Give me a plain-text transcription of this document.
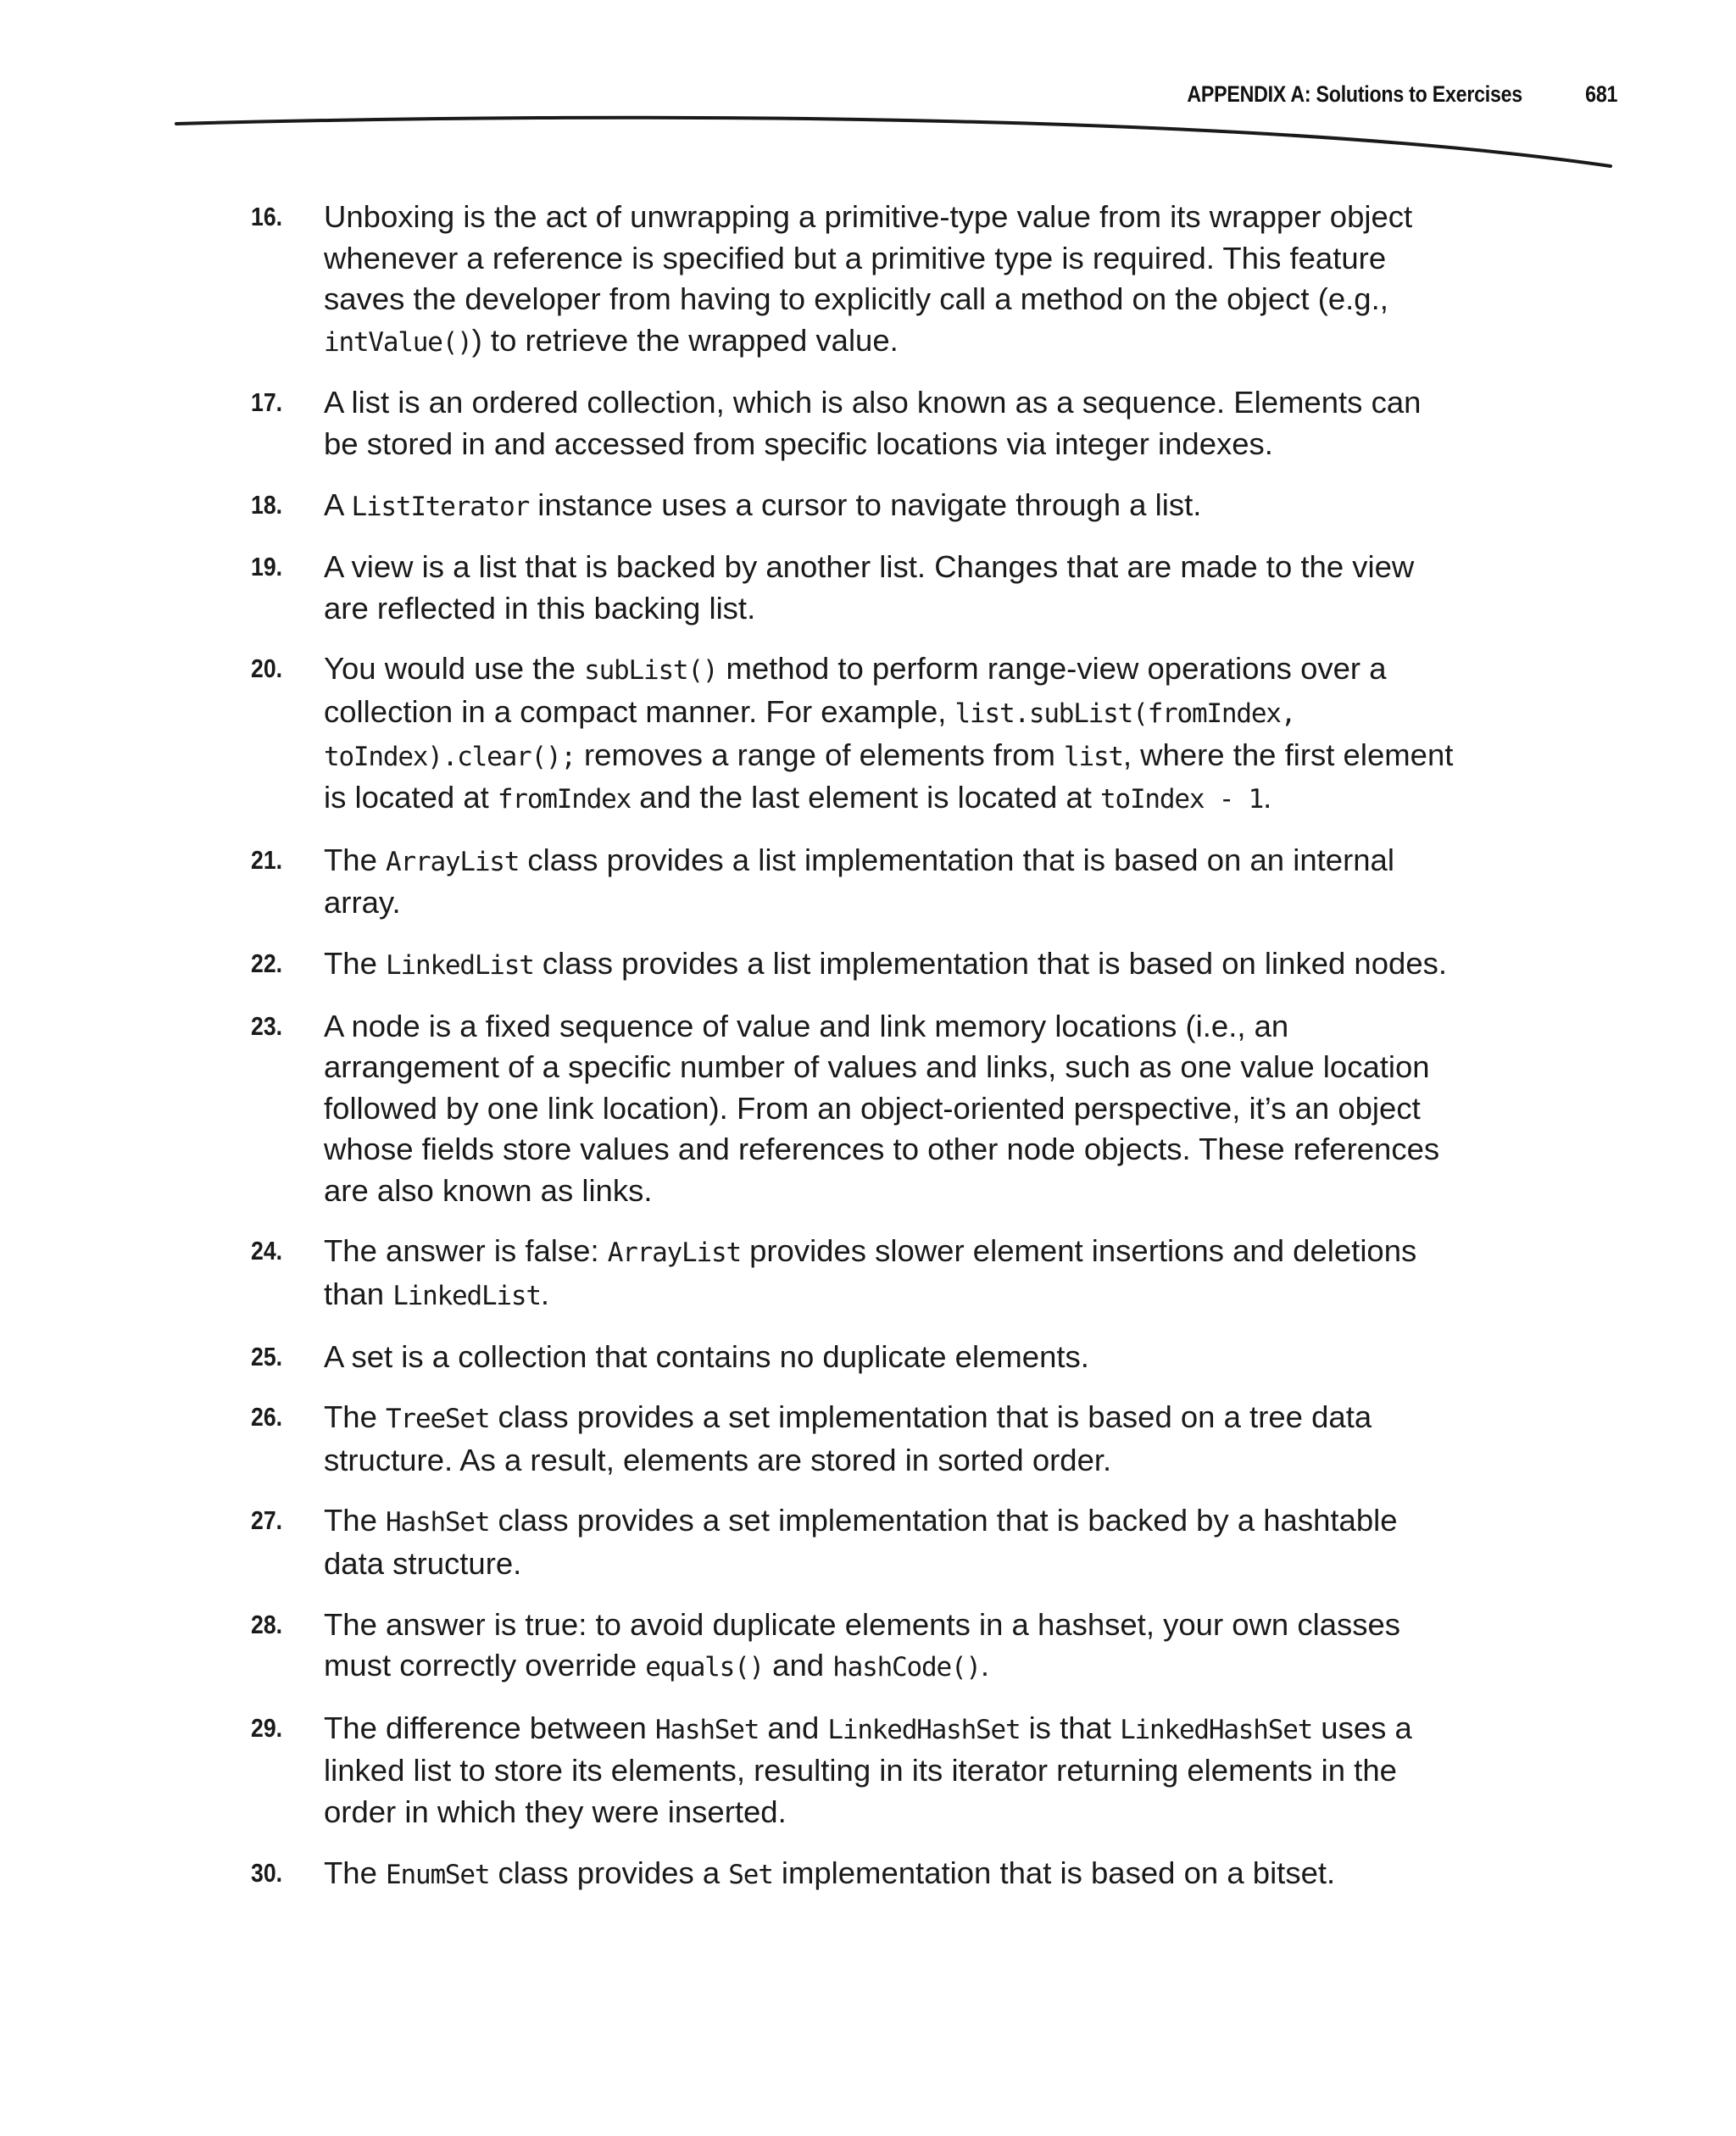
APPENDIX A: Solutions to Exercises	681
16. Unboxing is the act of unwrapping a primitive-type value from its wrapper object whenever a reference is specified but a primitive type is required. This feature saves the developer from having to explicitly call a method on the object (e.g., intValue()) to retrieve the wrapped value.
17. A list is an ordered collection, which is also known as a sequence. Elements can be stored in and accessed from specific locations via integer indexes.
18. A ListIterator instance uses a cursor to navigate through a list.
19. A view is a list that is backed by another list. Changes that are made to the view are reflected in this backing list.
20. You would use the subList() method to perform range-view operations over a collection in a compact manner. For example, list.subList(fromIndex, toIndex).clear(); removes a range of elements from list, where the first element is located at fromIndex and the last element is located at toIndex - 1.
21. The ArrayList class provides a list implementation that is based on an internal array.
22. The LinkedList class provides a list implementation that is based on linked nodes.
23. A node is a fixed sequence of value and link memory locations (i.e., an arrangement of a specific number of values and links, such as one value location followed by one link location). From an object-oriented perspective, it’s an object whose fields store values and references to other node objects. These references are also known as links.
24. The answer is false: ArrayList provides slower element insertions and deletions than LinkedList.
25. A set is a collection that contains no duplicate elements.
26. The TreeSet class provides a set implementation that is based on a tree data structure. As a result, elements are stored in sorted order.
27. The HashSet class provides a set implementation that is backed by a hashtable data structure.
28. The answer is true: to avoid duplicate elements in a hashset, your own classes must correctly override equals() and hashCode().
29. The difference between HashSet and LinkedHashSet is that LinkedHashSet uses a linked list to store its elements, resulting in its iterator returning elements in the order in which they were inserted.
30. The EnumSet class provides a Set implementation that is based on a bitset.
